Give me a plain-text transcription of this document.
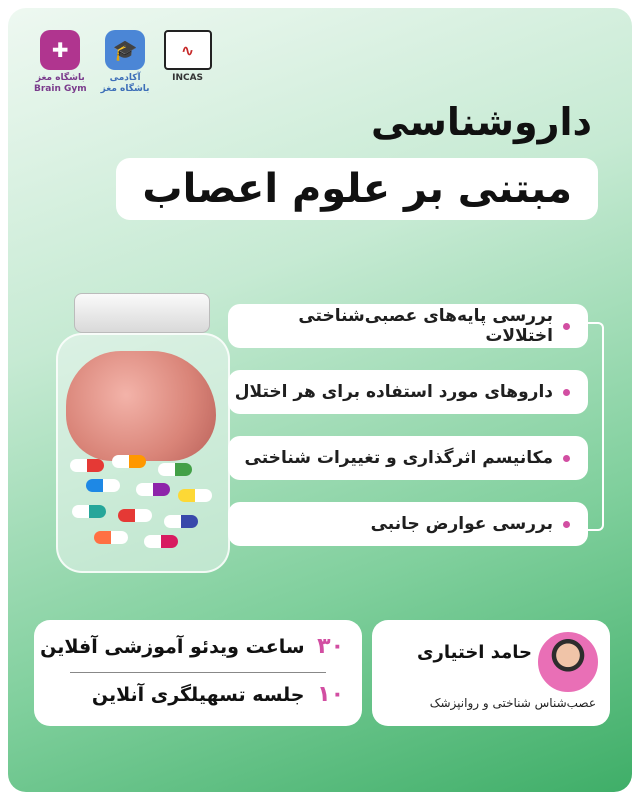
✚
باشگاه مغز
Brain Gym
🎓
آکادمی
باشگاه مغز
∿
INCAS
داروشناسی
مبتنی بر علوم اعصاب
بررسی پایه‌های عصبی‌شناختی اختلالات
داروهای مورد استفاده برای هر اختلال
مکانیسم اثرگذاری و تغییرات شناختی
بررسی عوارض جانبی
۳۰ ساعت ویدئو آموزشی آفلاین
۱۰ جلسه تسهیلگری آنلاین
حامد اختیاری
عصب‌شناس شناختی و روانپزشک
